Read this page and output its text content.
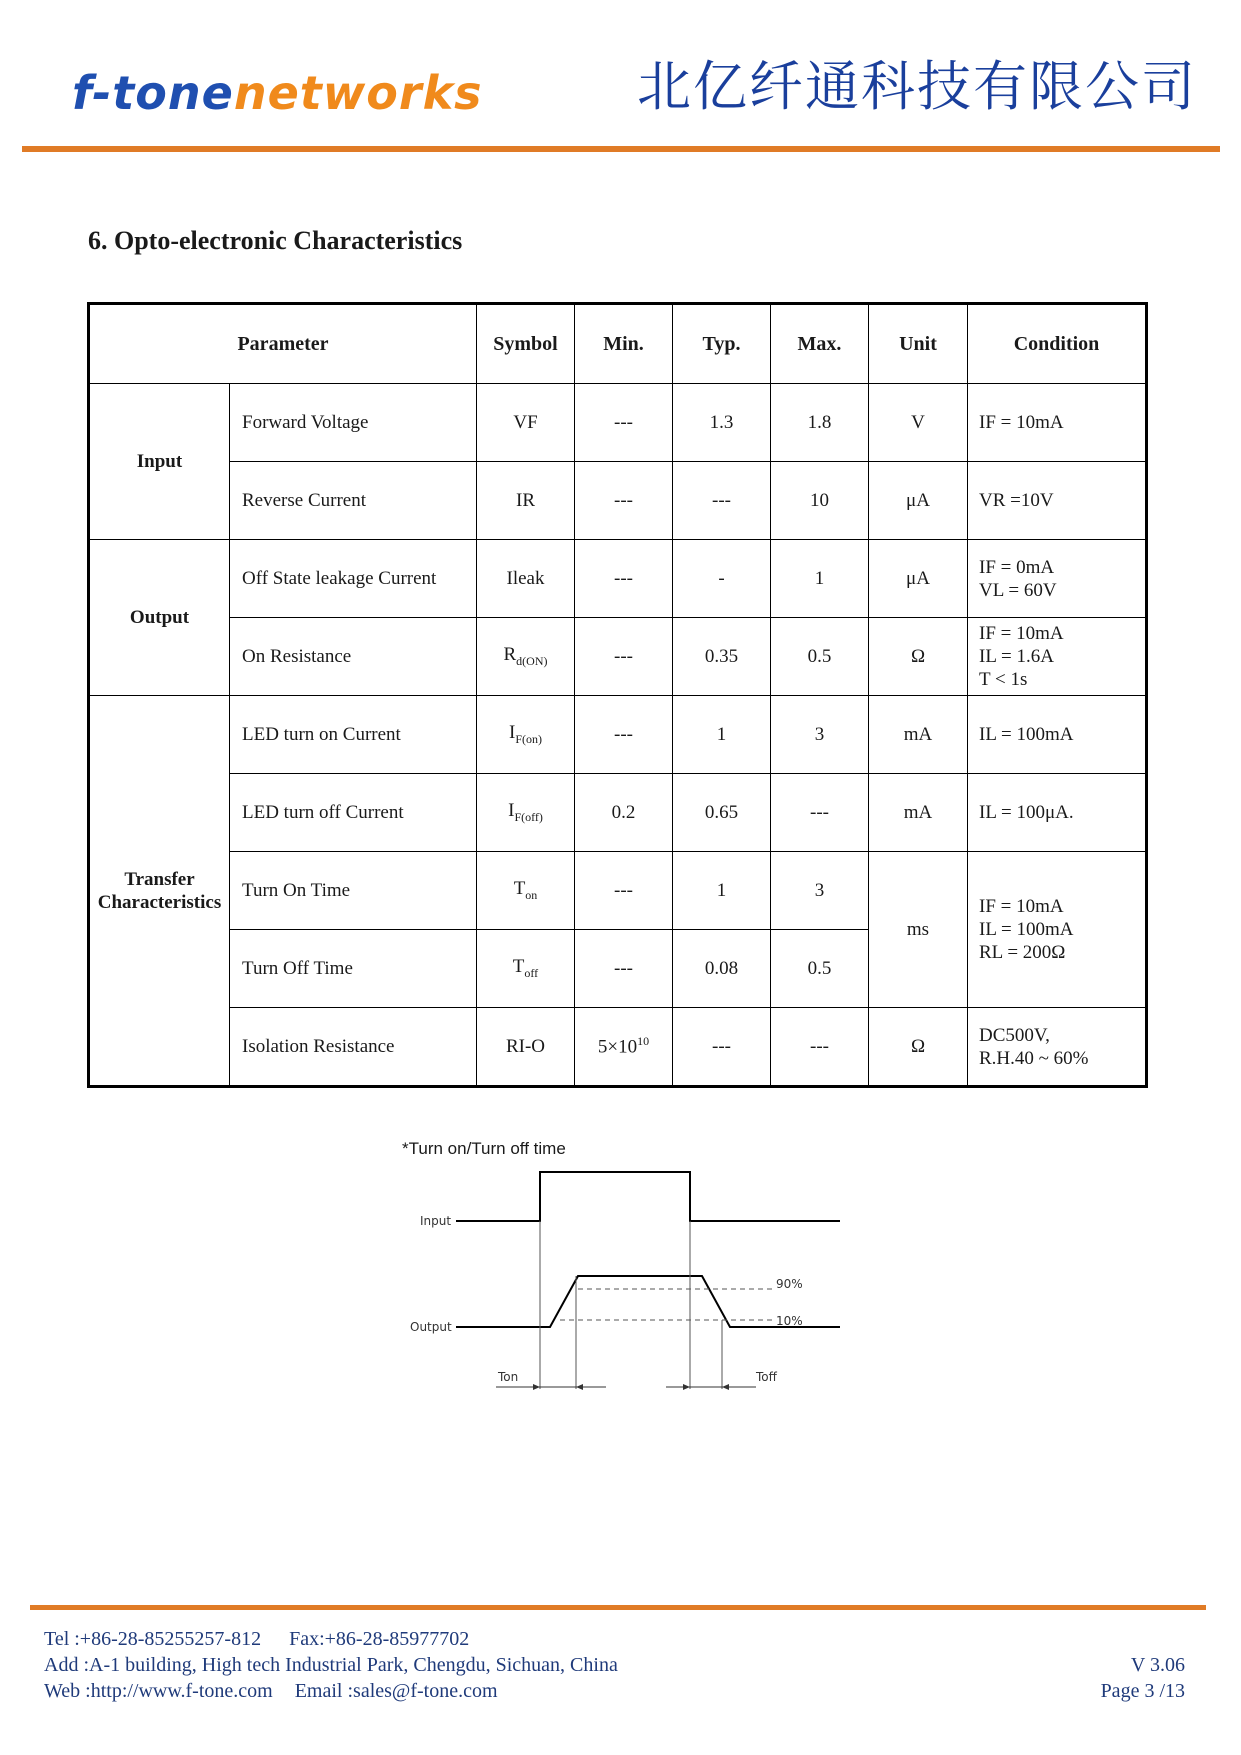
f-tonenetworks	北亿纤通科技有限公司
6. Opto-electronic Characteristics
Parameter		Symbol	Min.	Typ.	Max.	Unit	Condition
Input	Forward Voltage	VF	---	1.3	1.8	V	IF = 10mA

	Reverse Current	IR	---	---	10	μA	VR =10V

Output	Off State leakage Current	Ileak	---	-	1	μA	IF = 0mA
VL = 60V

	On Resistance	$R_{d(ON)}$	---	0.35	0.5	Ω	IF = 10mA
IL = 1.6A
T < 1s

Transfer
Characteristics	LED turn on Current	$I_{F(on)}$	---	1	3	mA	IL = 100mA

	LED turn off Current	$I_{F(off)}$	0.2	0.65	---	mA	IL = 100μA.

	Turn On Time	$T_{on}$	---	1	3	ms	IF = 10mA
IL = 100mA
RL = 200Ω

	Turn Off Time	$T_{off}$	---	0.08	0.5		
	Isolation Resistance	RI-O	$5\times 10^{10}$	---	---	Ω	DC500V,
R.H.40 ~ 60%
*Turn on/Turn off time
Input
Output
90%
10%
Ton	Toff
Tel :+86-28-85255257-812 Fax:+86-28-85977702
Add :A-1 building, High tech Industrial Park, Chengdu, Sichuan, China
Web :http://www.f-tone.com Email :sales@f-tone.com
V 3.06
Page 3 /13
